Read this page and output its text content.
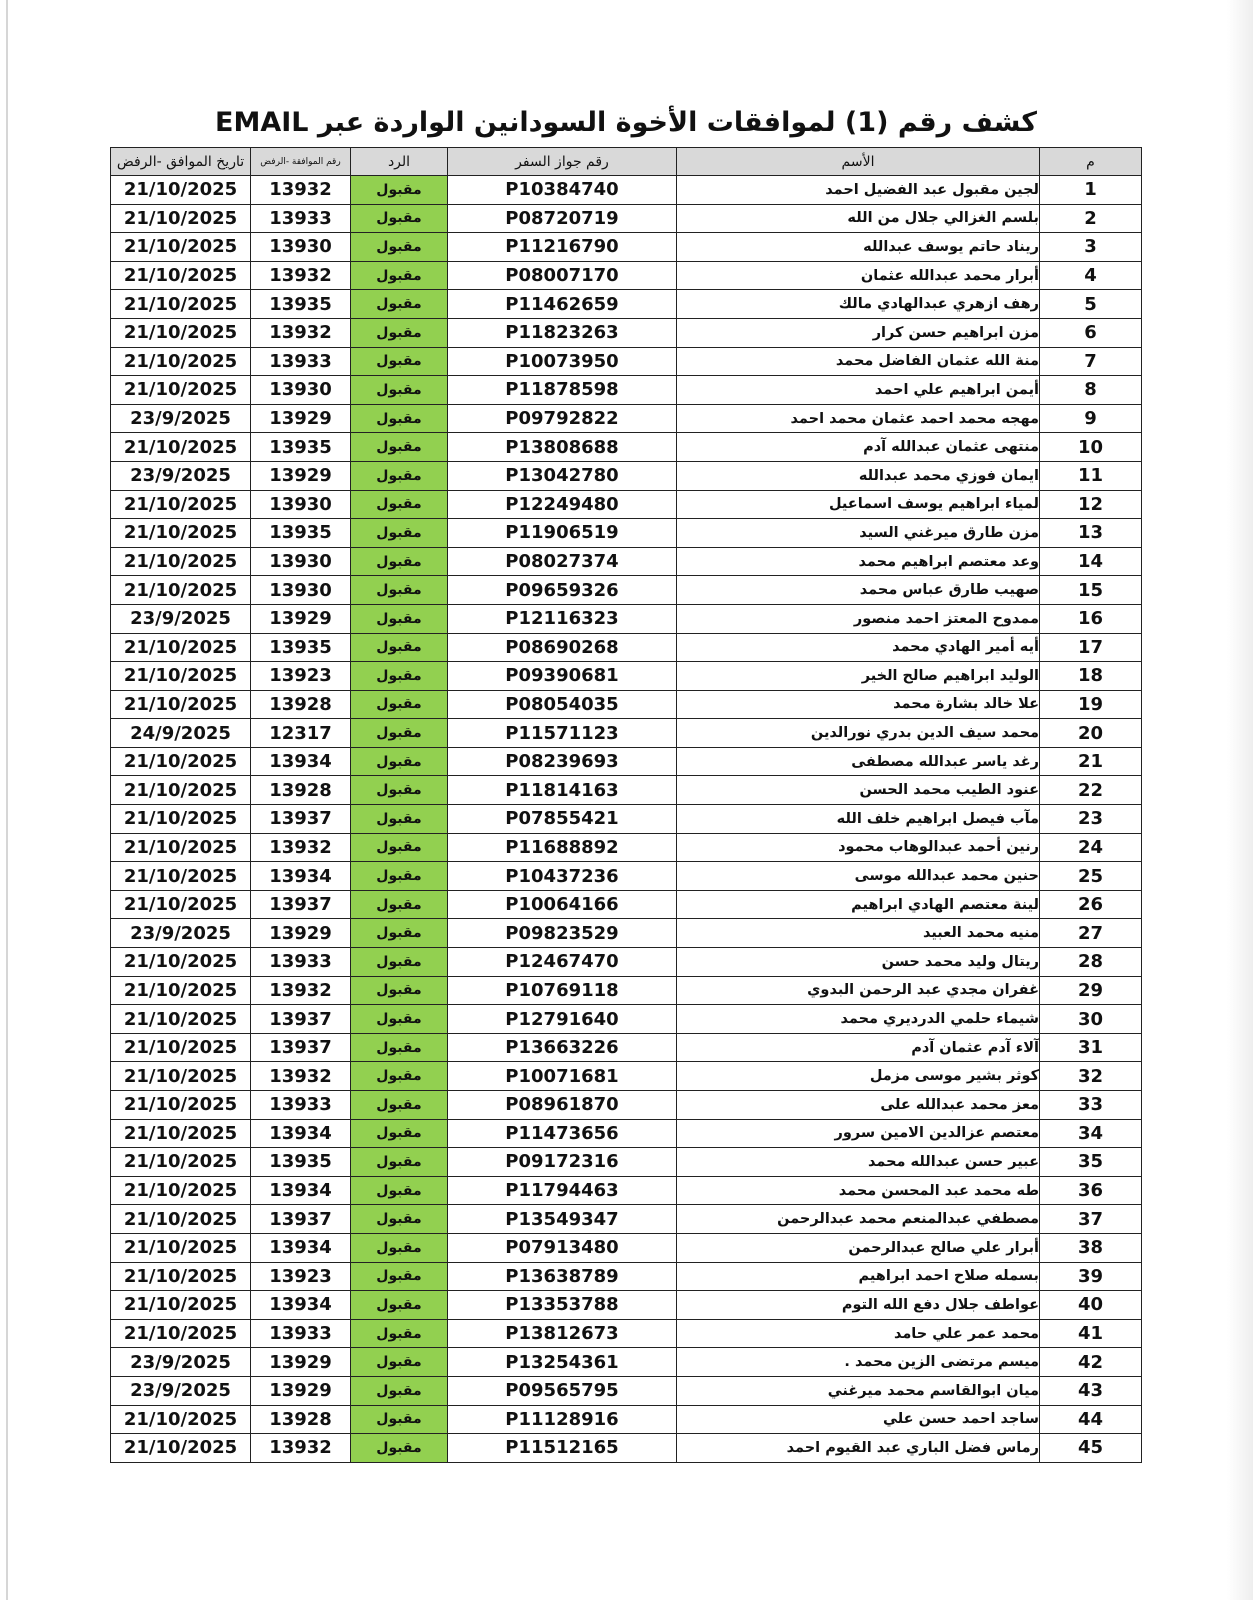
كشف رقم (1) لموافقات الأخوة السودانين الواردة عبر EMAIL
تاريخ الموافق -الرفض	رقم الموافقة -الرفض	الرد	رقم جواز السفر	الأسم	م
21/10/2025	13932	مقبول	P10384740	لجين مقبول عبد الفضيل احمد	1
21/10/2025	13933	مقبول	P08720719	بلسم الغزالي جلال من الله	2
21/10/2025	13930	مقبول	P11216790	ريناد حاتم يوسف عبدالله	3
21/10/2025	13932	مقبول	P08007170	أبرار محمد عبدالله عثمان	4
21/10/2025	13935	مقبول	P11462659	رهف ازهري عبدالهادي مالك	5
21/10/2025	13932	مقبول	P11823263	مزن ابراهيم حسن كرار	6
21/10/2025	13933	مقبول	P10073950	منة الله عثمان الفاضل محمد	7
21/10/2025	13930	مقبول	P11878598	أيمن ابراهيم علي احمد	8
23/9/2025	13929	مقبول	P09792822	مهجه محمد احمد عثمان محمد احمد	9
21/10/2025	13935	مقبول	P13808688	منتهى عثمان عبدالله آدم	10
23/9/2025	13929	مقبول	P13042780	ايمان فوزي محمد عبدالله	11
21/10/2025	13930	مقبول	P12249480	لمياء ابراهيم يوسف اسماعيل	12
21/10/2025	13935	مقبول	P11906519	مزن طارق ميرغني السيد	13
21/10/2025	13930	مقبول	P08027374	وعد معتصم ابراهيم محمد	14
21/10/2025	13930	مقبول	P09659326	صهيب طارق عباس محمد	15
23/9/2025	13929	مقبول	P12116323	ممدوح المعتز احمد منصور	16
21/10/2025	13935	مقبول	P08690268	أيه أمير الهادي محمد	17
21/10/2025	13923	مقبول	P09390681	الوليد ابراهيم صالح الخير	18
21/10/2025	13928	مقبول	P08054035	علا خالد بشارة محمد	19
24/9/2025	12317	مقبول	P11571123	محمد سيف الدين بدري نورالدين	20
21/10/2025	13934	مقبول	P08239693	رغد ياسر عبدالله مصطفى	21
21/10/2025	13928	مقبول	P11814163	عنود الطيب محمد الحسن	22
21/10/2025	13937	مقبول	P07855421	مآب فيصل ابراهيم خلف الله	23
21/10/2025	13932	مقبول	P11688892	رنين أحمد عبدالوهاب محمود	24
21/10/2025	13934	مقبول	P10437236	حنين محمد عبدالله موسى	25
21/10/2025	13937	مقبول	P10064166	لينة معتصم الهادي ابراهيم	26
23/9/2025	13929	مقبول	P09823529	منيه محمد العبيد	27
21/10/2025	13933	مقبول	P12467470	ريتال وليد محمد حسن	28
21/10/2025	13932	مقبول	P10769118	غفران مجدي عبد الرحمن البدوي	29
21/10/2025	13937	مقبول	P12791640	شيماء حلمي الدرديري محمد	30
21/10/2025	13937	مقبول	P13663226	آلاء آدم عثمان آدم	31
21/10/2025	13932	مقبول	P10071681	كوثر بشير موسى مزمل	32
21/10/2025	13933	مقبول	P08961870	معز محمد عبدالله على	33
21/10/2025	13934	مقبول	P11473656	معتصم عزالدين الامين سرور	34
21/10/2025	13935	مقبول	P09172316	عبير حسن عبدالله محمد	35
21/10/2025	13934	مقبول	P11794463	طه محمد عبد المحسن محمد	36
21/10/2025	13937	مقبول	P13549347	مصطفي عبدالمنعم محمد عبدالرحمن	37
21/10/2025	13934	مقبول	P07913480	أبرار علي صالح عبدالرحمن	38
21/10/2025	13923	مقبول	P13638789	بسمله صلاح احمد ابراهيم	39
21/10/2025	13934	مقبول	P13353788	عواطف جلال دفع الله التوم	40
21/10/2025	13933	مقبول	P13812673	محمد عمر علي حامد	41
23/9/2025	13929	مقبول	P13254361	ميسم مرتضى الزين محمد .	42
23/9/2025	13929	مقبول	P09565795	ميان ابوالقاسم محمد ميرغني	43
21/10/2025	13928	مقبول	P11128916	ساجد احمد حسن علي	44
21/10/2025	13932	مقبول	P11512165	رماس فضل الباري عبد القيوم احمد	45
